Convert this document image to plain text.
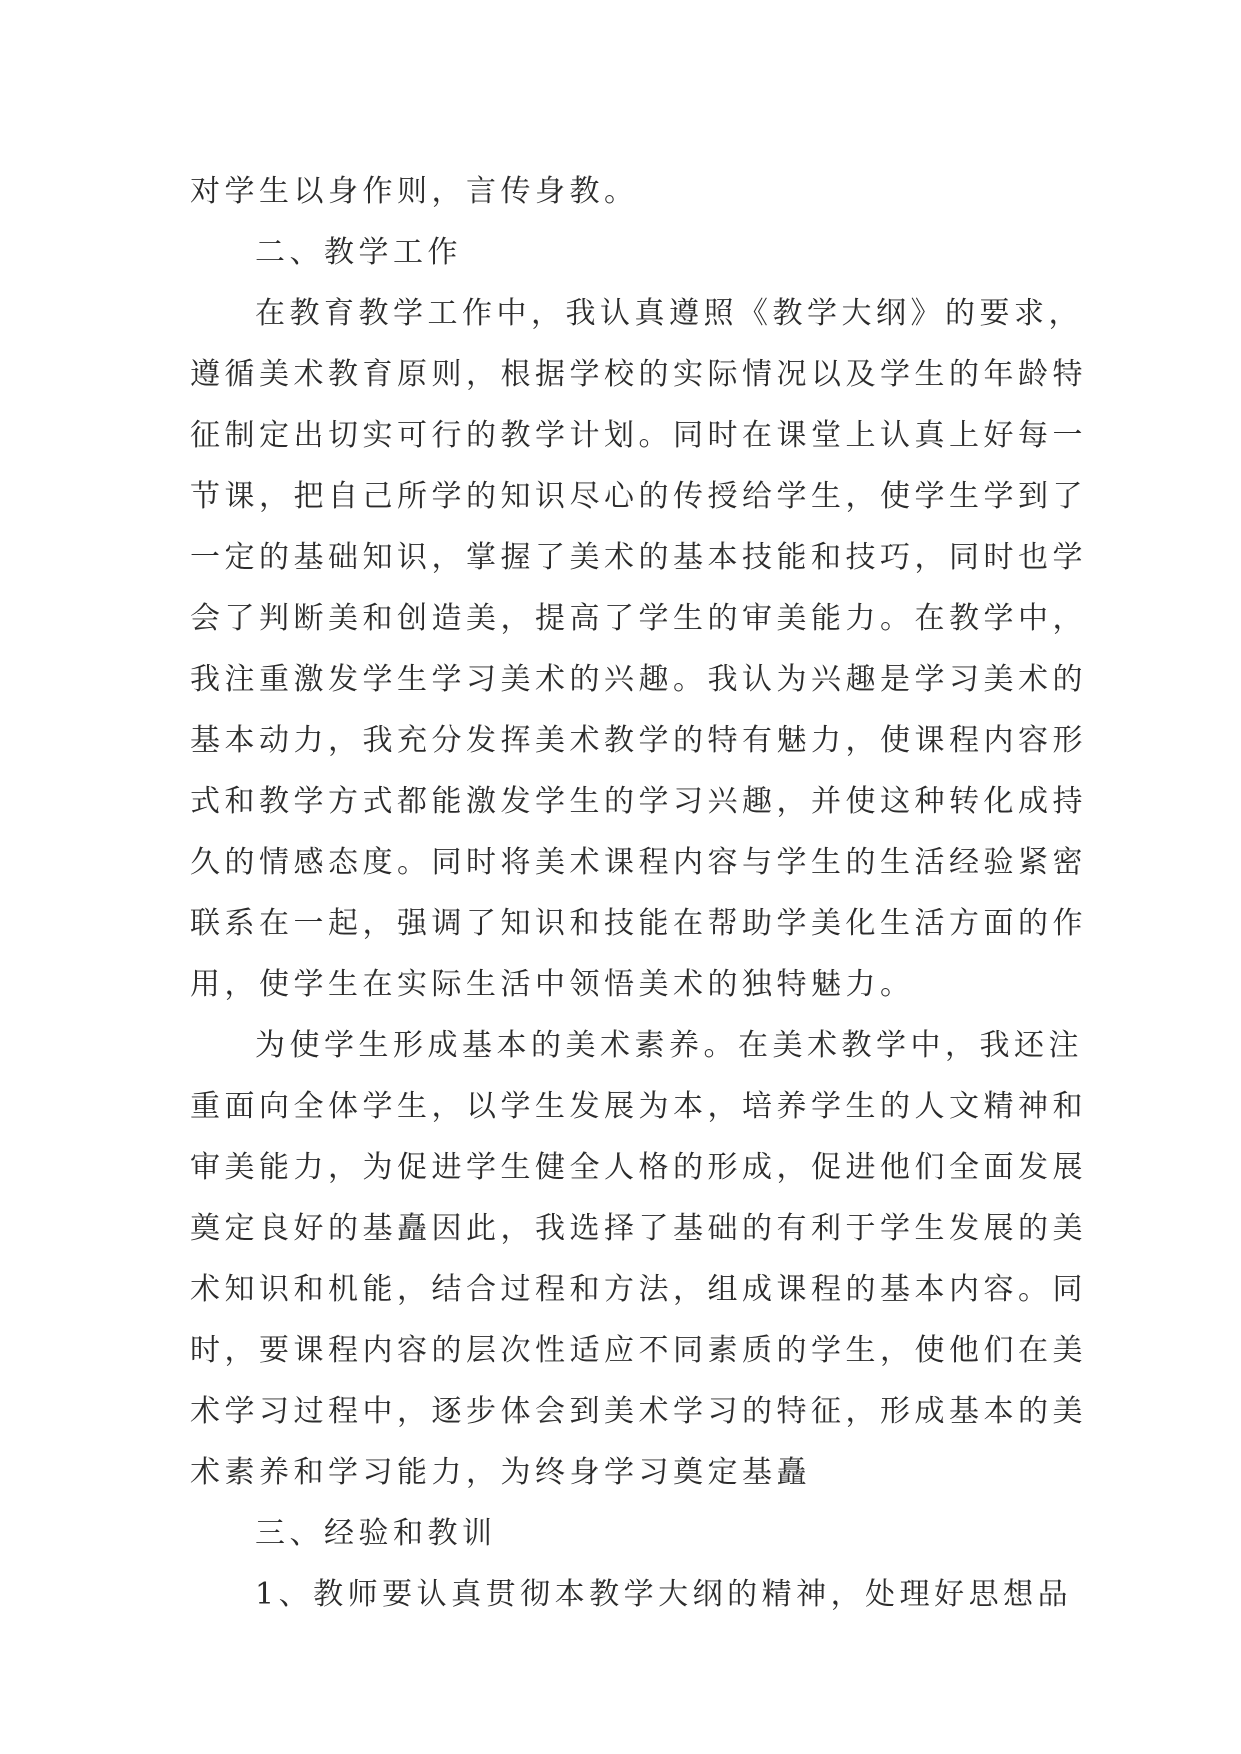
对学生以身作则，言传身教。
二、教学工作
在教育教学工作中，我认真遵照《教学大纲》的要求，
遵循美术教育原则，根据学校的实际情况以及学生的年龄特
征制定出切实可行的教学计划。同时在课堂上认真上好每一
节课，把自己所学的知识尽心的传授给学生，使学生学到了
一定的基础知识，掌握了美术的基本技能和技巧，同时也学
会了判断美和创造美，提高了学生的审美能力。在教学中，
我注重激发学生学习美术的兴趣。我认为兴趣是学习美术的
基本动力，我充分发挥美术教学的特有魅力，使课程内容形
式和教学方式都能激发学生的学习兴趣，并使这种转化成持
久的情感态度。同时将美术课程内容与学生的生活经验紧密
联系在一起，强调了知识和技能在帮助学美化生活方面的作
用，使学生在实际生活中领悟美术的独特魅力。
为使学生形成基本的美术素养。在美术教学中，我还注
重面向全体学生，以学生发展为本，培养学生的人文精神和
审美能力，为促进学生健全人格的形成，促进他们全面发展
奠定良好的基矗因此，我选择了基础的有利于学生发展的美
术知识和机能，结合过程和方法，组成课程的基本内容。同
时，要课程内容的层次性适应不同素质的学生，使他们在美
术学习过程中，逐步体会到美术学习的特征，形成基本的美
术素养和学习能力，为终身学习奠定基矗
三、经验和教训
1、教师要认真贯彻本教学大纲的精神，处理好思想品
